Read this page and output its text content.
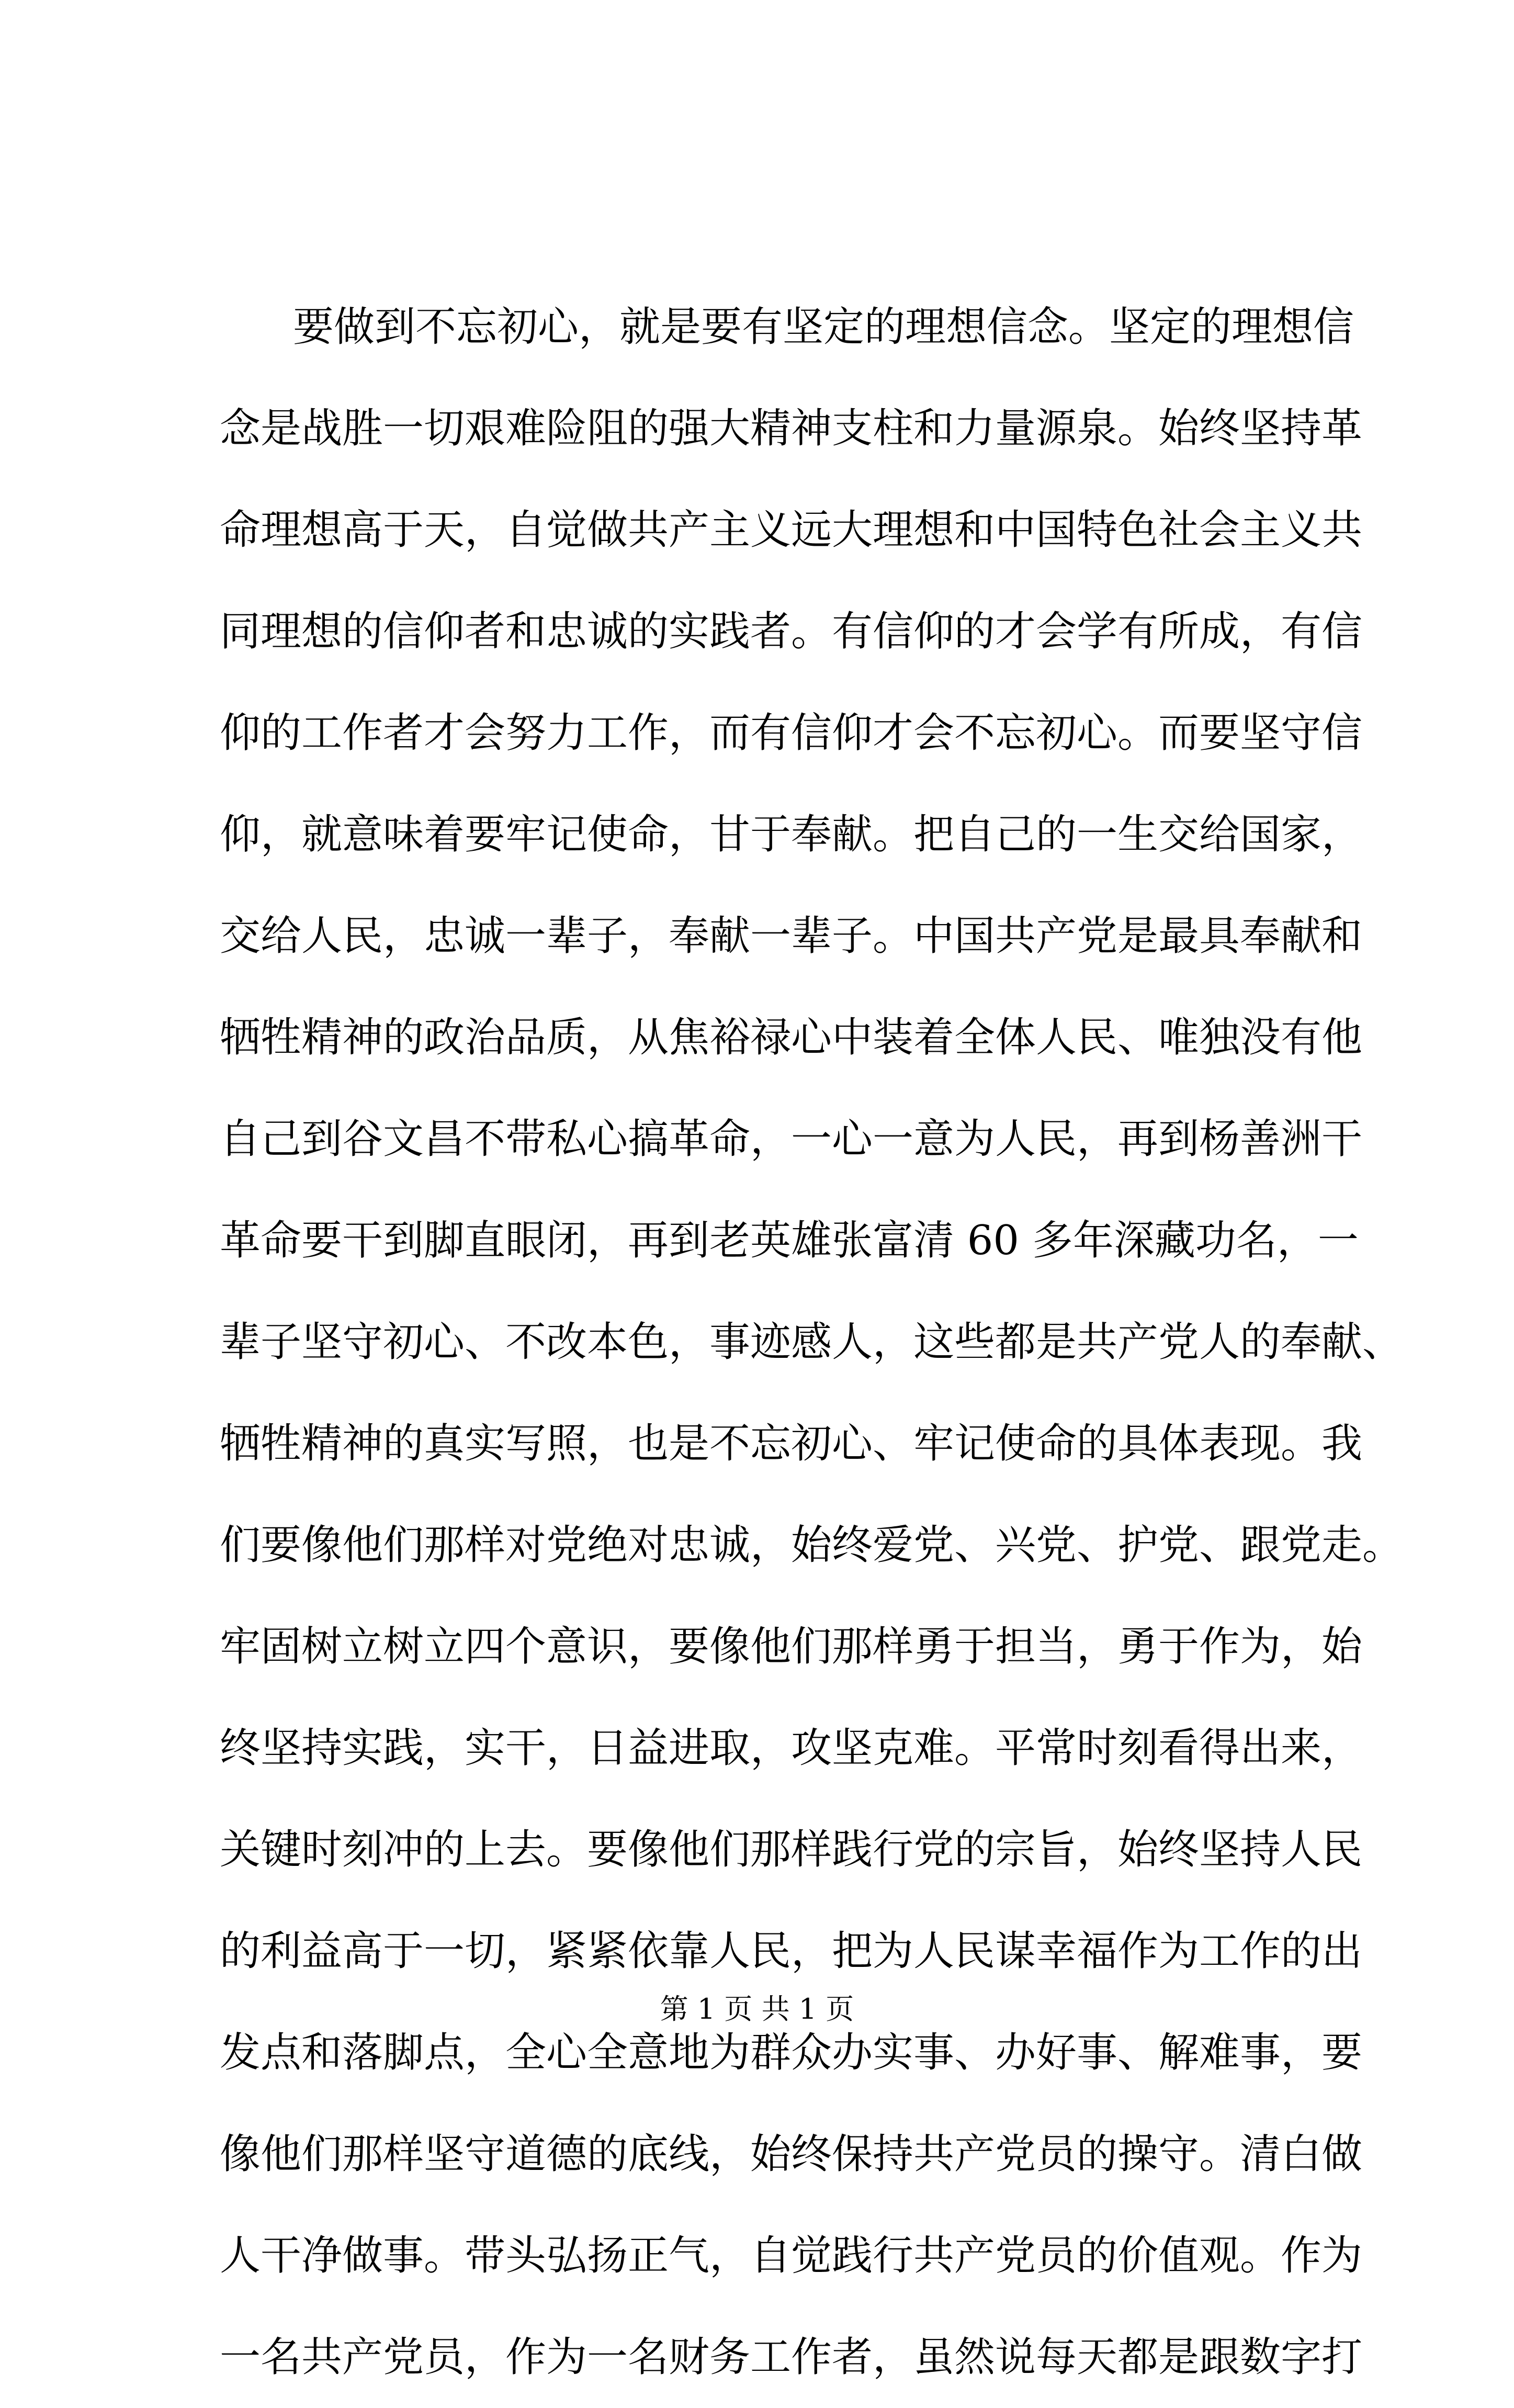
要做到不忘初心，就是要有坚定的理想信念。坚定的理想信
念是战胜一切艰难险阻的强大精神支柱和力量源泉。始终坚持革
命理想高于天，自觉做共产主义远大理想和中国特色社会主义共
同理想的信仰者和忠诚的实践者。有信仰的才会学有所成，有信
仰的工作者才会努力工作，而有信仰才会不忘初心。而要坚守信
仰，就意味着要牢记使命，甘于奉献。把自己的一生交给国家，
交给人民，忠诚一辈子，奉献一辈子。中国共产党是最具奉献和
牺牲精神的政治品质，从焦裕禄心中装着全体人民、唯独没有他
自己到谷文昌不带私心搞革命，一心一意为人民，再到杨善洲干
革命要干到脚直眼闭，再到老英雄张富清 60 多年深藏功名，一
辈子坚守初心、不改本色，事迹感人，这些都是共产党人的奉献、
牺牲精神的真实写照，也是不忘初心、牢记使命的具体表现。我
们要像他们那样对党绝对忠诚，始终爱党、兴党、护党、跟党走。
牢固树立树立四个意识，要像他们那样勇于担当，勇于作为，始
终坚持实践，实干，日益进取，攻坚克难。平常时刻看得出来，
关键时刻冲的上去。要像他们那样践行党的宗旨，始终坚持人民
的利益高于一切，紧紧依靠人民，把为人民谋幸福作为工作的出
发点和落脚点，全心全意地为群众办实事、办好事、解难事，要
像他们那样坚守道德的底线，始终保持共产党员的操守。清白做
人干净做事。带头弘扬正气，自觉践行共产党员的价值观。作为
一名共产党员，作为一名财务工作者，虽然说每天都是跟数字打
第 1 页 共 1 页
